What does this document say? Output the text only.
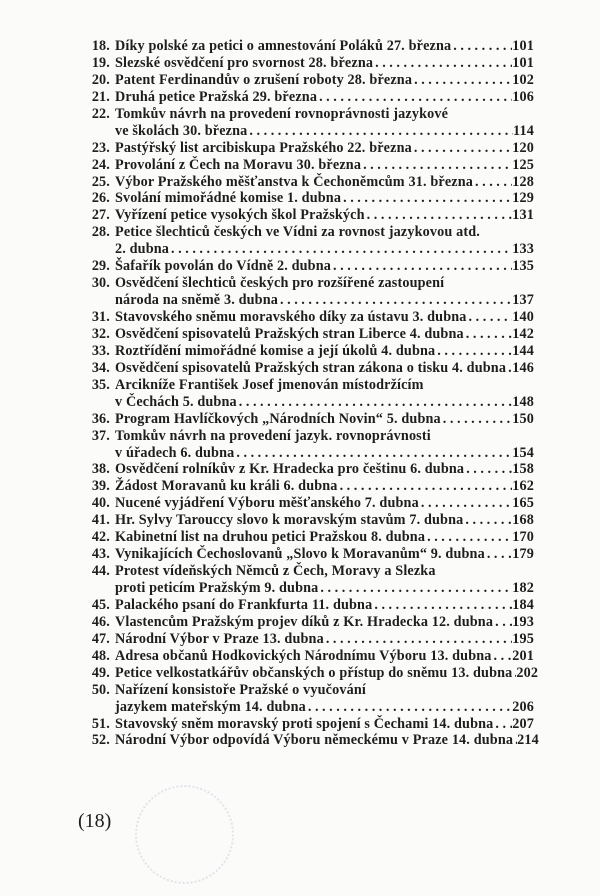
18. Díky polské za petici o amnestování Poláků 27. března . . .	101
19. Slezské osvědčení pro svornost 28. března . . .	101
20. Patent Ferdinandův o zrušení roboty 28. března . . .	102
21. Druhá petice Pražská 29. března . . .	106
22. Tomkův návrh na provedení rovnoprávnosti jazykové
ve školách 30. března . . .	114
23. Pastýřský list arcibiskupa Pražského 22. března . . .	120
24. Provolání z Čech na Moravu 30. března . . .	125
25. Výbor Pražského měšťanstva k Čechoněmcům 31. března . . .	128
26. Svolání mimořádné komise 1. dubna . . .	129
27. Vyřízení petice vysokých škol Pražských . . .	131
28. Petice šlechticů českých ve Vídni za rovnost jazykovou atd.
2. dubna . . .	133
29. Šafařík povolán do Vídně 2. dubna . . .	135
30. Osvědčení šlechticů českých pro rozšířené zastoupení
národa na sněmě 3. dubna . . .	137
31. Stavovského sněmu moravského díky za ústavu 3. dubna . . .	140
32. Osvědčení spisovatelů Pražských stran Liberce 4. dubna . . .	142
33. Roztřídění mimořádné komise a její úkolů 4. dubna . . .	144
34. Osvědčení spisovatelů Pražských stran zákona o tisku 4. dubna . . . 146
35. Arcikníže František Josef jmenován místodržícím
v Čechách 5. dubna . . .	148
36. Program Havlíčkových „Národních Novin“ 5. dubna . . .	150
37. Tomkův návrh na provedení jazyk. rovnoprávnosti
v úřadech 6. dubna . . .	154
38. Osvědčení rolníkův z Kr. Hradecka pro češtinu 6. dubna . . .	158
39. Žádost Moravanů ku králi 6. dubna . . .	162
40. Nucené vyjádření Výboru měšťanského 7. dubna . . .	165
41. Hr. Sylvy Tarouccy slovo k moravským stavům 7. dubna . . .	168
42. Kabinetní list na druhou petici Pražskou 8. dubna . . .	170
43. Vynikajících Čechoslovanů „Slovo k Moravanům“ 9. dubna . . . 179
44. Protest vídeňských Němců z Čech, Moravy a Slezka
proti peticím Pražským 9. dubna . . .	182
45. Palackého psaní do Frankfurta 11. dubna . . .	184
46. Vlastencům Pražským projev díků z Kr. Hradecka 12. dubna . . . 193
47. Národní Výbor v Praze 13. dubna . . .	195
48. Adresa občanů Hodkovických Národnímu Výboru 13. dubna . . . 201
49. Petice velkostatkářův občanských o přístup do sněmu 13. dubna . . . 202
50. Nařízení konsistoře Pražské o vyučování
jazykem mateřským 14. dubna . . .	206
51. Stavovský sněm moravský proti spojení s Čechami 14. dubna . . . 207
52. Národní Výbor odpovídá Výboru německému v Praze 14. dubna . . . 214
(18)
